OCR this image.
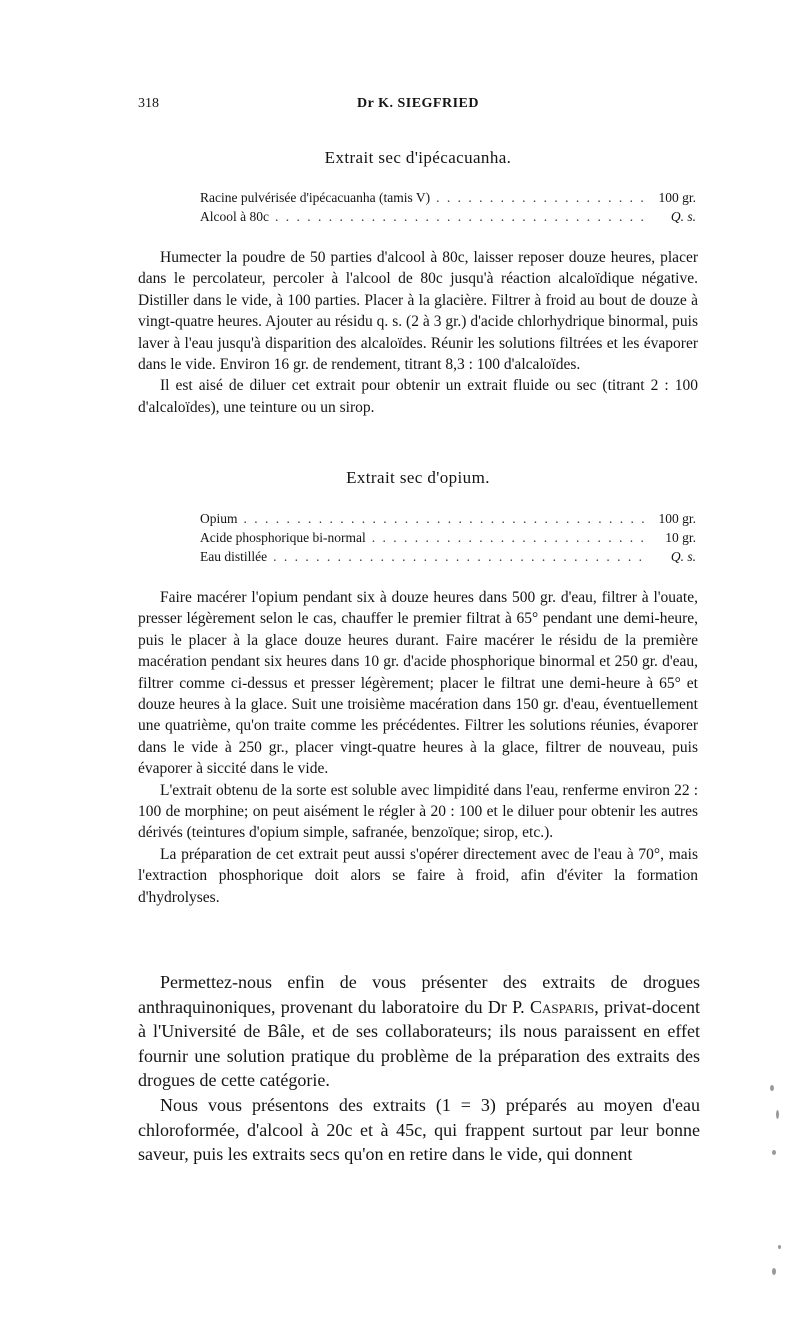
318	Dr K. SIEGFRIED
Extrait sec d'ipécacuanha.
Racine pulvérisée d'ipécacuanha (tamis V) . . .	100 gr.
Alcool à 80c . . .	Q. s.

Humecter la poudre de 50 parties d'alcool à 80c, laisser reposer douze heures, placer dans le percolateur, percoler à l'alcool de 80c jusqu'à réaction alcaloïdique négative. Distiller dans le vide, à 100 parties. Placer à la glacière. Filtrer à froid au bout de douze à vingt-quatre heures. Ajouter au résidu q. s. (2 à 3 gr.) d'acide chlorhydrique binormal, puis laver à l'eau jusqu'à disparition des alcaloïdes. Réunir les solutions filtrées et les évaporer dans le vide. Environ 16 gr. de rendement, titrant 8,3 : 100 d'alcaloïdes.

Il est aisé de diluer cet extrait pour obtenir un extrait fluide ou sec (titrant 2 : 100 d'alcaloïdes), une teinture ou un sirop.

Extrait sec d'opium.
Opium . . .	100 gr.
Acide phosphorique bi-normal . . .	10 gr.
Eau distillée . . .	Q. s.

Faire macérer l'opium pendant six à douze heures dans 500 gr. d'eau, filtrer à l'ouate, presser légèrement selon le cas, chauffer le premier filtrat à 65° pendant une demi-heure, puis le placer à la glace douze heures durant. Faire macérer le résidu de la première macération pendant six heures dans 10 gr. d'acide phosphorique binormal et 250 gr. d'eau, filtrer comme ci-dessus et presser légèrement; placer le filtrat une demi-heure à 65° et douze heures à la glace. Suit une troisième macération dans 150 gr. d'eau, éventuellement une quatrième, qu'on traite comme les précédentes. Filtrer les solutions réunies, évaporer dans le vide à 250 gr., placer vingt-quatre heures à la glace, filtrer de nouveau, puis évaporer à siccité dans le vide.

L'extrait obtenu de la sorte est soluble avec limpidité dans l'eau, renferme environ 22 : 100 de morphine; on peut aisément le régler à 20 : 100 et le diluer pour obtenir les autres dérivés (teintures d'opium simple, safranée, benzoïque; sirop, etc.).

La préparation de cet extrait peut aussi s'opérer directement avec de l'eau à 70°, mais l'extraction phosphorique doit alors se faire à froid, afin d'éviter la formation d'hydrolyses.

Permettez-nous enfin de vous présenter des extraits de drogues anthraquinoniques, provenant du laboratoire du Dr P. Casparis, privat-docent à l'Université de Bâle, et de ses collaborateurs; ils nous paraissent en effet fournir une solution pratique du problème de la préparation des extraits des drogues de cette catégorie.

Nous vous présentons des extraits (1 = 3) préparés au moyen d'eau chloroformée, d'alcool à 20c et à 45c, qui frappent surtout par leur bonne saveur, puis les extraits secs qu'on en retire dans le vide, qui donnent
